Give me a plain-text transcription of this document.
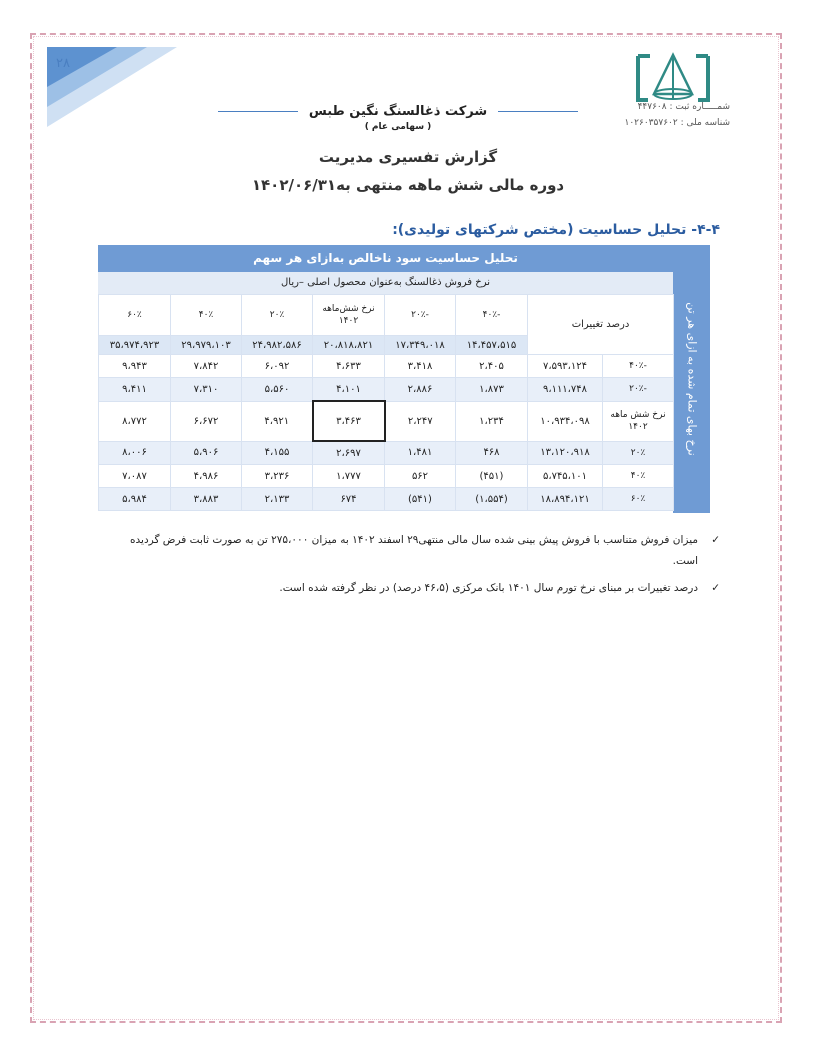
۲۸
شمـــــاره ثبت : ۴۴۷۶۰۸
شناسه ملی : ۱۰۲۶۰۳۵۷۶۰۲
شرکت ذغالسنگ نگین طبس
( سهامی عام )
گزارش تفسیری مدیریت
دوره مالی شش ماهه منتهی به۱۴۰۲/۰۶/۳۱
۴-۴- تحلیل حساسیت (مختص شرکتهای تولیدی):
نرخ بهای تمام شده به ازای هر تن
تحلیل حساسیت سود ناخالص به‌ازای هر سهم
نرخ فروش ذغالسنگ به‌عنوان محصول اصلی –ریال
۶۰٪	۴۰٪	۲۰٪	نرخ شش‌ماهه ۱۴۰۲	-۲۰٪	-۴۰٪	درصد تغییرات	
۳۵،۹۷۴،۹۲۳	۲۹،۹۷۹،۱۰۳	۲۴،۹۸۲،۵۸۶	۲۰،۸۱۸،۸۲۱	۱۷،۳۴۹،۰۱۸	۱۴،۴۵۷،۵۱۵		
۹،۹۴۳	۷،۸۴۲	۶،۰۹۲	۴،۶۳۳	۳،۴۱۸	۲،۴۰۵	۷،۵۹۳،۱۲۴	-۴۰٪
۹،۴۱۱	۷،۳۱۰	۵،۵۶۰	۴،۱۰۱	۲،۸۸۶	۱،۸۷۳	۹،۱۱۱،۷۴۸	-۲۰٪
۸،۷۷۲	۶،۶۷۲	۴،۹۲۱	۳،۴۶۳	۲،۲۴۷	۱،۲۳۴	۱۰،۹۳۴،۰۹۸	نرخ شش ماهه ۱۴۰۲
۸،۰۰۶	۵،۹۰۶	۴،۱۵۵	۲،۶۹۷	۱،۴۸۱	۴۶۸	۱۳،۱۲۰،۹۱۸	۲۰٪
۷،۰۸۷	۴،۹۸۶	۳،۲۳۶	۱،۷۷۷	۵۶۲	(۴۵۱)	۵،۷۴۵،۱۰۱	۴۰٪
۵،۹۸۴	۳،۸۸۳	۲،۱۳۳	۶۷۴	(۵۴۱)	(۱،۵۵۴)	۱۸،۸۹۴،۱۲۱	۶۰٪
✓
میزان فروش متناسب با فروش پیش بینی شده سال مالی منتهی۲۹ اسفند ۱۴۰۲ به میزان ۲۷۵،۰۰۰ تن به صورت ثابت فرض گردیده است.
✓
درصد تغییرات بر مبنای نرخ تورم سال ۱۴۰۱ بانک مرکزی (۴۶،۵ درصد) در نظر گرفته شده است.
